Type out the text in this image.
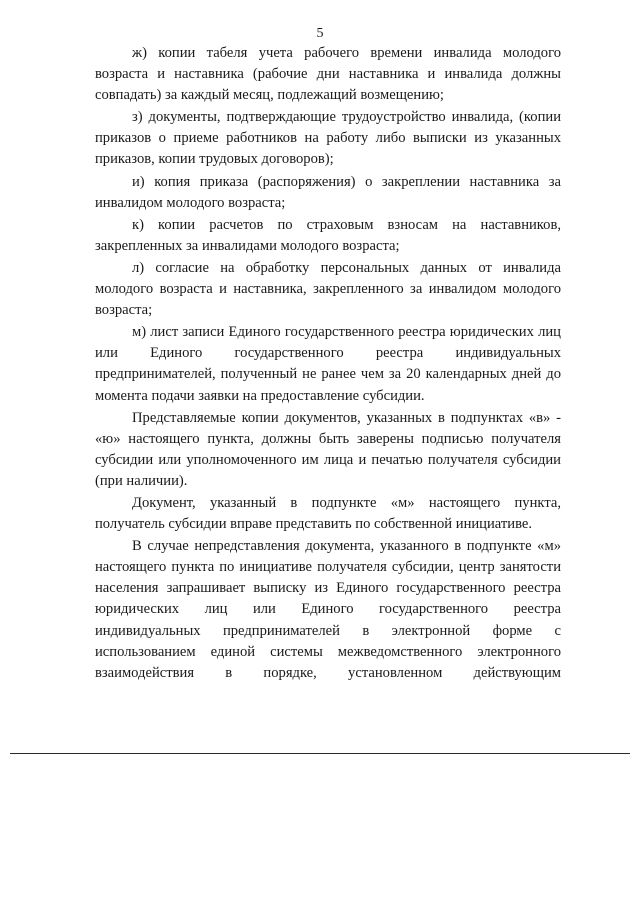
5

ж) копии табеля учета рабочего времени инвалида молодого возраста и наставника (рабочие дни наставника и инвалида должны совпадать) за каждый месяц, подлежащий возмещению;

з) документы, подтверждающие трудоустройство инвалида, (копии приказов о приеме работников на работу либо выписки из указанных приказов, копии трудовых договоров);

и) копия приказа (распоряжения) о закреплении наставника за инвалидом молодого возраста;

к) копии расчетов по страховым взносам на наставников, закрепленных за инвалидами молодого возраста;

л) согласие на обработку персональных данных от инвалида молодого возраста и наставника, закрепленного за инвалидом молодого возраста;

м) лист записи Единого государственного реестра юридических лиц или Единого государственного реестра индивидуальных предпринимателей, полученный не ранее чем за 20 календарных дней до момента подачи заявки на предоставление субсидии.

Представляемые копии документов, указанных в подпунктах «в» - «ю» настоящего пункта, должны быть заверены подписью получателя субсидии или уполномоченного им лица и печатью получателя субсидии (при наличии).

Документ, указанный в подпункте «м» настоящего пункта, получатель субсидии вправе представить по собственной инициативе.

В случае непредставления документа, указанного в подпункте «м» настоящего пункта по инициативе получателя субсидии, центр занятости населения запрашивает выписку из Единого государственного реестра юридических лиц или Единого государственного реестра индивидуальных предпринимателей в электронной форме с использованием единой системы межведомственного электронного взаимодействия в порядке, установленном действующим
